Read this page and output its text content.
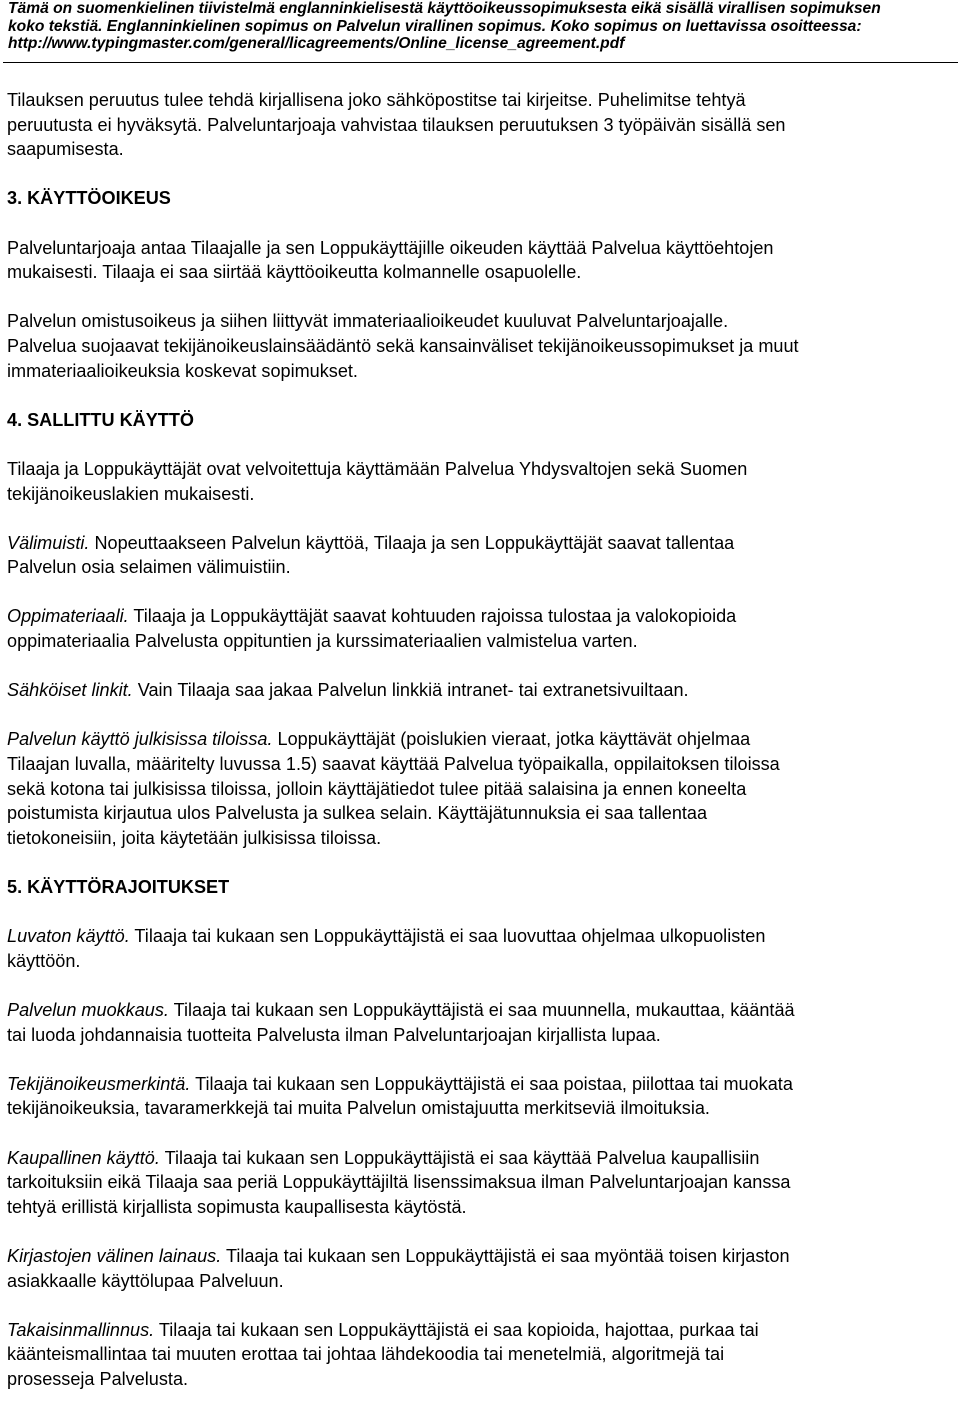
Tämä on suomenkielinen tiivistelmä englanninkielisestä käyttöoikeussopimuksesta eikä sisällä virallisen sopimuksen
koko tekstiä. Englanninkielinen sopimus on Palvelun virallinen sopimus. Koko sopimus on luettavissa osoitteessa:
http://www.typingmaster.com/general/licagreements/Online_license_agreement.pdf
Tilauksen peruutus tulee tehdä kirjallisena joko sähköpostitse tai kirjeitse. Puhelimitse tehtyä
peruutusta ei hyväksytä. Palveluntarjoaja vahvistaa tilauksen peruutuksen 3 työpäivän sisällä sen
saapumisesta.
3. KÄYTTÖOIKEUS
Palveluntarjoaja antaa Tilaajalle ja sen Loppukäyttäjille oikeuden käyttää Palvelua käyttöehtojen
mukaisesti. Tilaaja ei saa siirtää käyttöoikeutta kolmannelle osapuolelle.
Palvelun omistusoikeus ja siihen liittyvät immateriaalioikeudet kuuluvat Palveluntarjoajalle.
Palvelua suojaavat tekijänoikeuslainsäädäntö sekä kansainväliset tekijänoikeussopimukset ja muut
immateriaalioikeuksia koskevat sopimukset.
4. SALLITTU KÄYTTÖ
Tilaaja ja Loppukäyttäjät ovat velvoitettuja käyttämään Palvelua Yhdysvaltojen sekä Suomen
tekijänoikeuslakien mukaisesti.
Välimuisti. Nopeuttaakseen Palvelun käyttöä, Tilaaja ja sen Loppukäyttäjät saavat tallentaa
Palvelun osia selaimen välimuistiin.
Oppimateriaali. Tilaaja ja Loppukäyttäjät saavat kohtuuden rajoissa tulostaa ja valokopioida
oppimateriaalia Palvelusta oppituntien ja kurssimateriaalien valmistelua varten.
Sähköiset linkit. Vain Tilaaja saa jakaa Palvelun linkkiä intranet- tai extranetsivuiltaan.
Palvelun käyttö julkisissa tiloissa. Loppukäyttäjät (poislukien vieraat, jotka käyttävät ohjelmaa
Tilaajan luvalla, määritelty luvussa 1.5) saavat käyttää Palvelua työpaikalla, oppilaitoksen tiloissa
sekä kotona tai julkisissa tiloissa, jolloin käyttäjätiedot tulee pitää salaisina ja ennen koneelta
poistumista kirjautua ulos Palvelusta ja sulkea selain. Käyttäjätunnuksia ei saa tallentaa
tietokoneisiin, joita käytetään julkisissa tiloissa.
5. KÄYTTÖRAJOITUKSET
Luvaton käyttö. Tilaaja tai kukaan sen Loppukäyttäjistä ei saa luovuttaa ohjelmaa ulkopuolisten
käyttöön.
Palvelun muokkaus. Tilaaja tai kukaan sen Loppukäyttäjistä ei saa muunnella, mukauttaa, kääntää
tai luoda johdannaisia tuotteita Palvelusta ilman Palveluntarjoajan kirjallista lupaa.
Tekijänoikeusmerkintä. Tilaaja tai kukaan sen Loppukäyttäjistä ei saa poistaa, piilottaa tai muokata
tekijänoikeuksia, tavaramerkkejä tai muita Palvelun omistajuutta merkitseviä ilmoituksia.
Kaupallinen käyttö. Tilaaja tai kukaan sen Loppukäyttäjistä ei saa käyttää Palvelua kaupallisiin
tarkoituksiin eikä Tilaaja saa periä Loppukäyttäjiltä lisenssimaksua ilman Palveluntarjoajan kanssa
tehtyä erillistä kirjallista sopimusta kaupallisesta käytöstä.
Kirjastojen välinen lainaus. Tilaaja tai kukaan sen Loppukäyttäjistä ei saa myöntää toisen kirjaston
asiakkaalle käyttölupaa Palveluun.
Takaisinmallinnus. Tilaaja tai kukaan sen Loppukäyttäjistä ei saa kopioida, hajottaa, purkaa tai
käänteismallintaa tai muuten erottaa tai johtaa lähdekoodia tai menetelmiä, algoritmejä tai
prosesseja Palvelusta.
